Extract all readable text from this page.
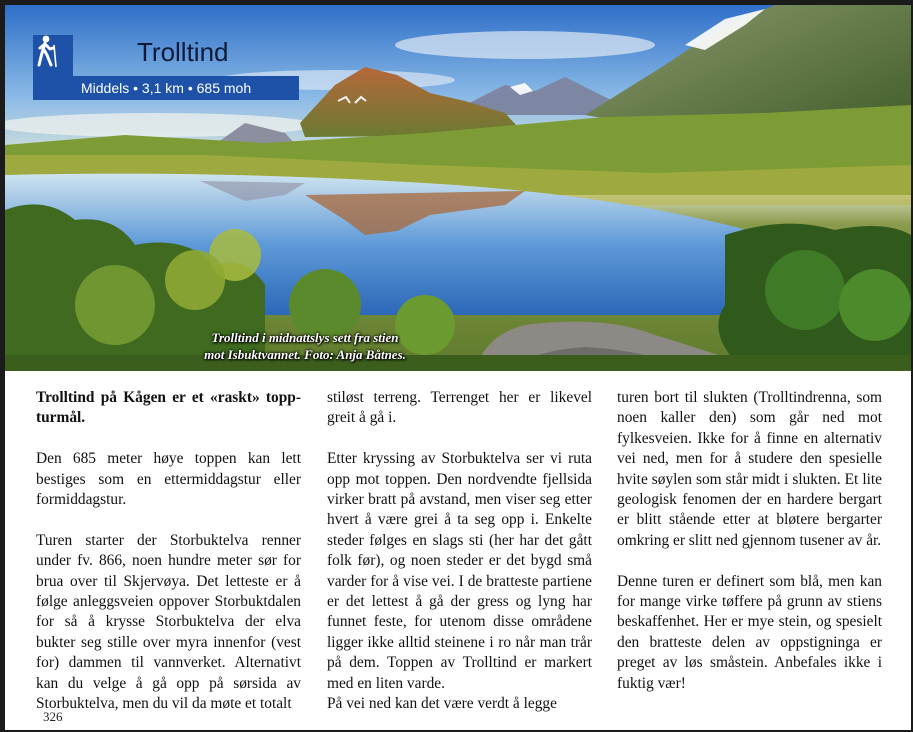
Trolltind
Middels • 3,1 km • 685 moh
Trolltind i midnattslys sett fra stien
mot Isbuktvannet. Foto: Anja Båtnes.

Trolltind på Kågen er et «raskt» toppturmål.

Den 685 meter høye toppen kan lett bestiges som en ettermiddagstur eller formiddagstur.

Turen starter der Storbuktelva renner under fv. 866, noen hundre meter sør for brua over til Skjervøya. Det letteste er å følge anleggsveien oppover Storbuktdalen for så å krysse Storbuktelva der elva bukter seg stille over myra innenfor (vest for) dammen til vannverket. Alternativt kan du velge å gå opp på sørsida av Storbuktelva, men du vil da møte et totalt

stiløst terreng. Terrenget her er likevel greit å gå i.

Etter kryssing av Storbuktelva ser vi ruta opp mot toppen. Den nordvendte fjellsida virker bratt på avstand, men viser seg etter hvert å være grei å ta seg opp i. Enkelte steder følges en slags sti (her har det gått folk før), og noen steder er det bygd små varder for å vise vei. I de bratteste partiene er det lettest å gå der gress og lyng har funnet feste, for utenom disse områdene ligger ikke alltid steinene i ro når man trår på dem. Toppen av Trolltind er markert med en liten varde.

På vei ned kan det være verdt å legge

turen bort til slukten (Trolltindrenna, som noen kaller den) som går ned mot fylkesveien. Ikke for å finne en alternativ vei ned, men for å studere den spesielle hvite søylen som står midt i slukten. Et lite geologisk fenomen der en hardere bergart er blitt stående etter at bløtere bergarter omkring er slitt ned gjennom tusener av år.

Denne turen er definert som blå, men kan for mange virke tøffere på grunn av stiens beskaffenhet. Her er mye stein, og spesielt den bratteste delen av oppstigninga er preget av løs småstein. Anbefales ikke i fuktig vær!

326
